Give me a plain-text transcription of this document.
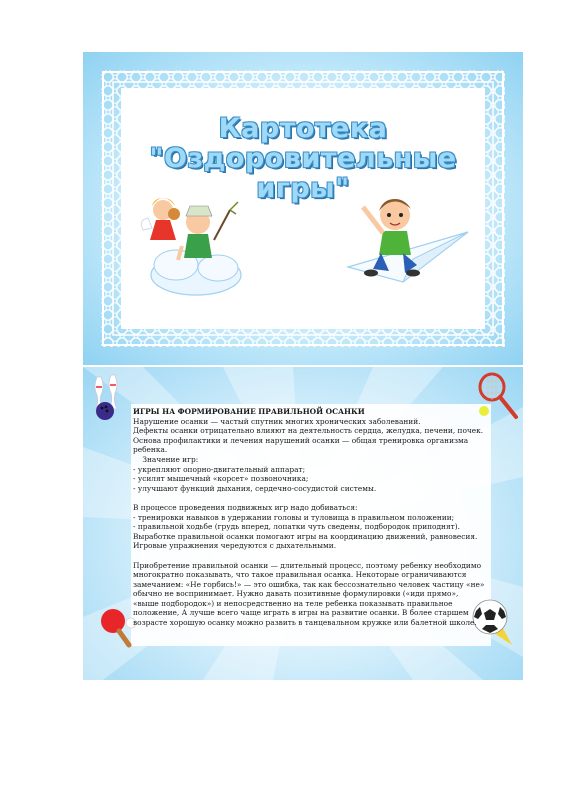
Картотека
"Оздоровительные
игры"

ИГРЫ НА ФОРМИРОВАНИЕ ПРАВИЛЬНОЙ ОСАНКИ

Нарушение осанки — частый спутник многих хронических заболеваний.

Дефекты осанки отрицательно влияют на деятельность сердца, желудка, печени, почек.

Основа профилактики и лечения нарушений осанки — общая тренировка организма

ребенка.

Значение игр:

- укрепляют опорно-двигательный аппарат;

- усилят мышечный «корсет» позвоночника;

- улучшают функций дыхания, сердечно-сосудистой системы.

В процессе проведения подвижных игр надо добиваться:

- тренировки навыков в удержании головы и туловища в правильном положении;

- правильной ходьбе (грудь вперед, лопатки чуть сведены, подбородок приподнят).

Выработке правильной осанки помогают игры на координацию движений, равновесия.

Игровые упражнения чередуются с дыхательными.

Приобретение правильной осанки — длительный процесс, поэтому ребенку необходимо

многократно показывать, что такое правильная осанка. Некоторые ограничиваются

замечанием: «Не горбись!» — это ошибка, так как бессознательно человек частицу «не»

обычно не воспринимает. Нужно давать позитивные формулировки («иди прямо»,

«выше подбородок») и непосредственно на теле ребенка показывать правильное

положение, А лучше всего чаще играть в игры на развитие осанки. В более старшем

возрасте хорошую осанку можно развить в танцевальном кружке или балетной школе.
